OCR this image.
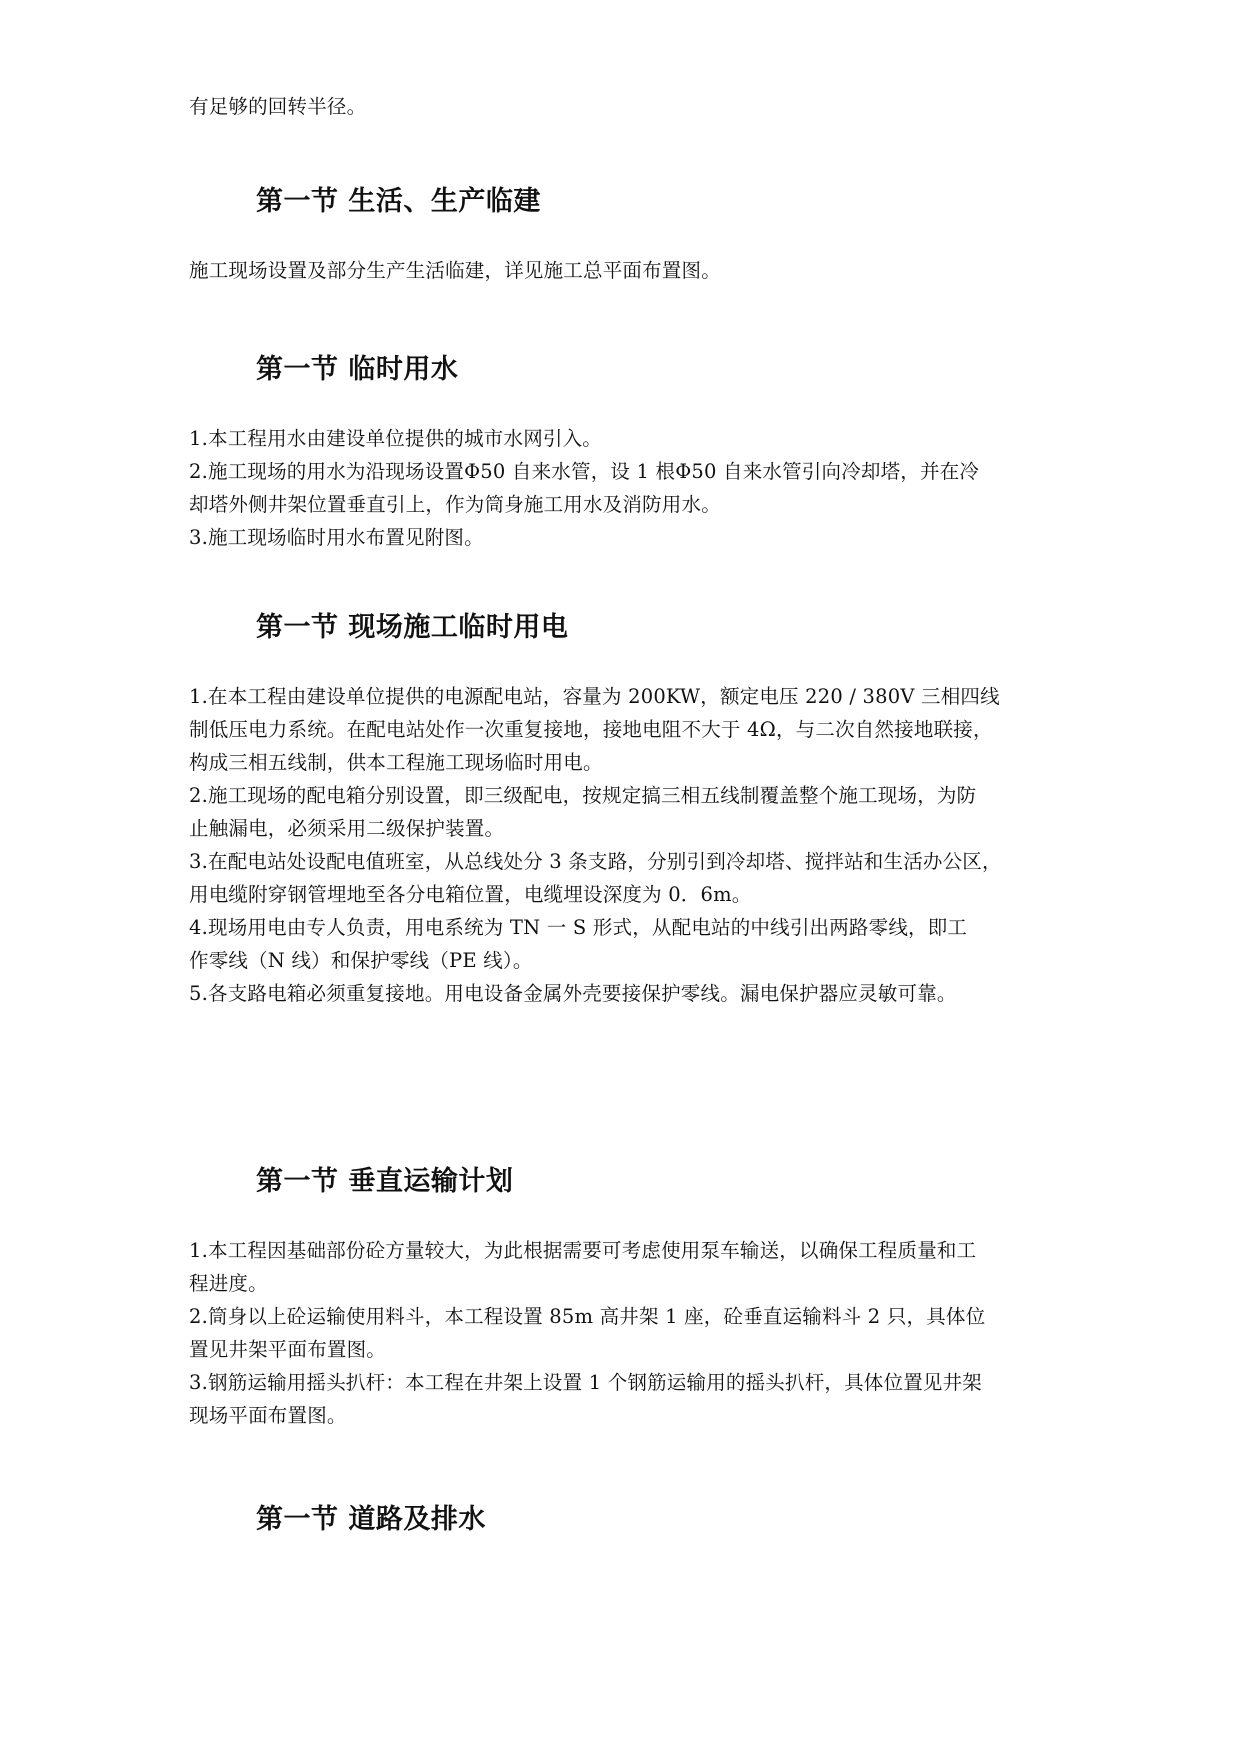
有足够的回转半径。
第一节 生活、生产临建
施工现场设置及部分生产生活临建，详见施工总平面布置图。
第一节 临时用水
1.本工程用水由建设单位提供的城市水网引入。
2.施工现场的用水为沿现场设置Φ50 自来水管，设 1 根Φ50 自来水管引向冷却塔，并在冷
却塔外侧井架位置垂直引上，作为筒身施工用水及消防用水。
3.施工现场临时用水布置见附图。
第一节 现场施工临时用电
1.在本工程由建设单位提供的电源配电站，容量为 200KW，额定电压 220 / 380V 三相四线
制低压电力系统。在配电站处作一次重复接地，接地电阻不大于 4Ω，与二次自然接地联接，
构成三相五线制，供本工程施工现场临时用电。
2.施工现场的配电箱分别设置，即三级配电，按规定搞三相五线制覆盖整个施工现场，为防
止触漏电，必须采用二级保护装置。
3.在配电站处设配电值班室，从总线处分 3 条支路，分别引到冷却塔、搅拌站和生活办公区，
用电缆附穿钢管埋地至各分电箱位置，电缆埋设深度为 0．6m。
4.现场用电由专人负责，用电系统为 TN 一 S 形式，从配电站的中线引出两路零线，即工
作零线（N 线）和保护零线（PE 线）。
5.各支路电箱必须重复接地。用电设备金属外壳要接保护零线。漏电保护器应灵敏可靠。
第一节 垂直运输计划
1.本工程因基础部份砼方量较大，为此根据需要可考虑使用泵车输送，以确保工程质量和工
程进度。
2.筒身以上砼运输使用料斗，本工程设置 85m 高井架 1 座，砼垂直运输料斗 2 只，具体位
置见井架平面布置图。
3.钢筋运输用摇头扒杆：本工程在井架上设置 1 个钢筋运输用的摇头扒杆，具体位置见井架
现场平面布置图。
第一节 道路及排水
